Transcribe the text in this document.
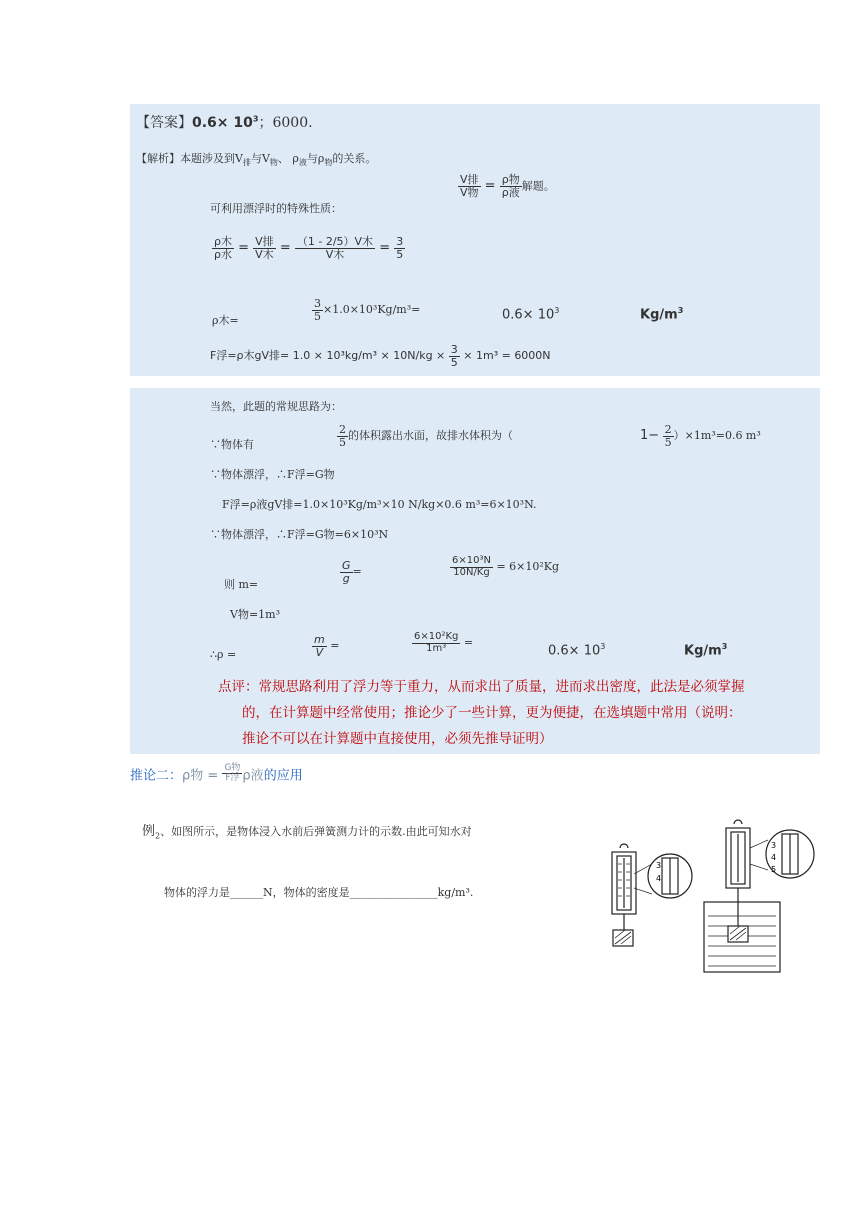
【答案】$0.6\times 10^3$；6000.
【解析】本题涉及到$V_排$与$V_物$、 $\rho_液$与$\rho_物$的关系。
可利用漂浮时的特殊性质：
$\frac{\text{V排}}{\text{V物}} = \frac{\text{ρ物}}{\text{ρ液}}$ 解题。
$\frac{\text{ρ木}}{\text{ρ水}} = \frac{\text{V排}}{\text{V木}} = \frac{\text{（1 - 2/5）V木}}{\text{V木}} = \frac{3}{5}$
ρ木=	$\frac{3}{5} \times 1.0\times 10^3Kg/m^3=$	$0.6\times 10^3$	$Kg/m^3$
F浮=ρ木gV排= $1.0 \times 10^3kg/m^3 \times 10N/kg \times \frac{3}{5} \times 1m^3 = 6000N$
当然，此题的常规思路为：
∵物体有	$\frac{2}{5}$ 的体积露出水面，故排水体积为（	$1- \frac{2}{5} )\times 1m^3=0.6$ m³
∵物体漂浮，∴F浮=G物
F浮=ρ液gV排=1.0×10³Kg/m³×10 N/kg×0.6 m³=6×10³N.
∵物体漂浮，∴F浮=G物=6×10³N
则 m=
$\frac{G}{g}$ =	$\frac{\text{6×10³N}}{10N/Kg} = 6\times 10^2Kg$
V物=1m³
∴ρ =	$\frac{m}{V}$ =	$\frac{\text{6×10²Kg}}{\text{1m³}}$ =
$0.6\times 10^3$	$Kg/m^3$
点评：常规思路利用了浮力等于重力，从而求出了质量，进而求出密度，此法是必须掌握
的，在计算题中经常使用；推论少了一些计算，更为便捷，在选填题中常用（说明：
推论不可以在计算题中直接使用，必须先推导证明）
推论二：ρ物 = $\frac{\text{G物}}{\text{F浮}}$ ρ液的应用
例$_2$、如图所示，是物体浸入水前后弹簧测力计的示数.由此可知水对
物体的浮力是______N，物体的密度是________________kg/m³.
3
4
3
4
5
